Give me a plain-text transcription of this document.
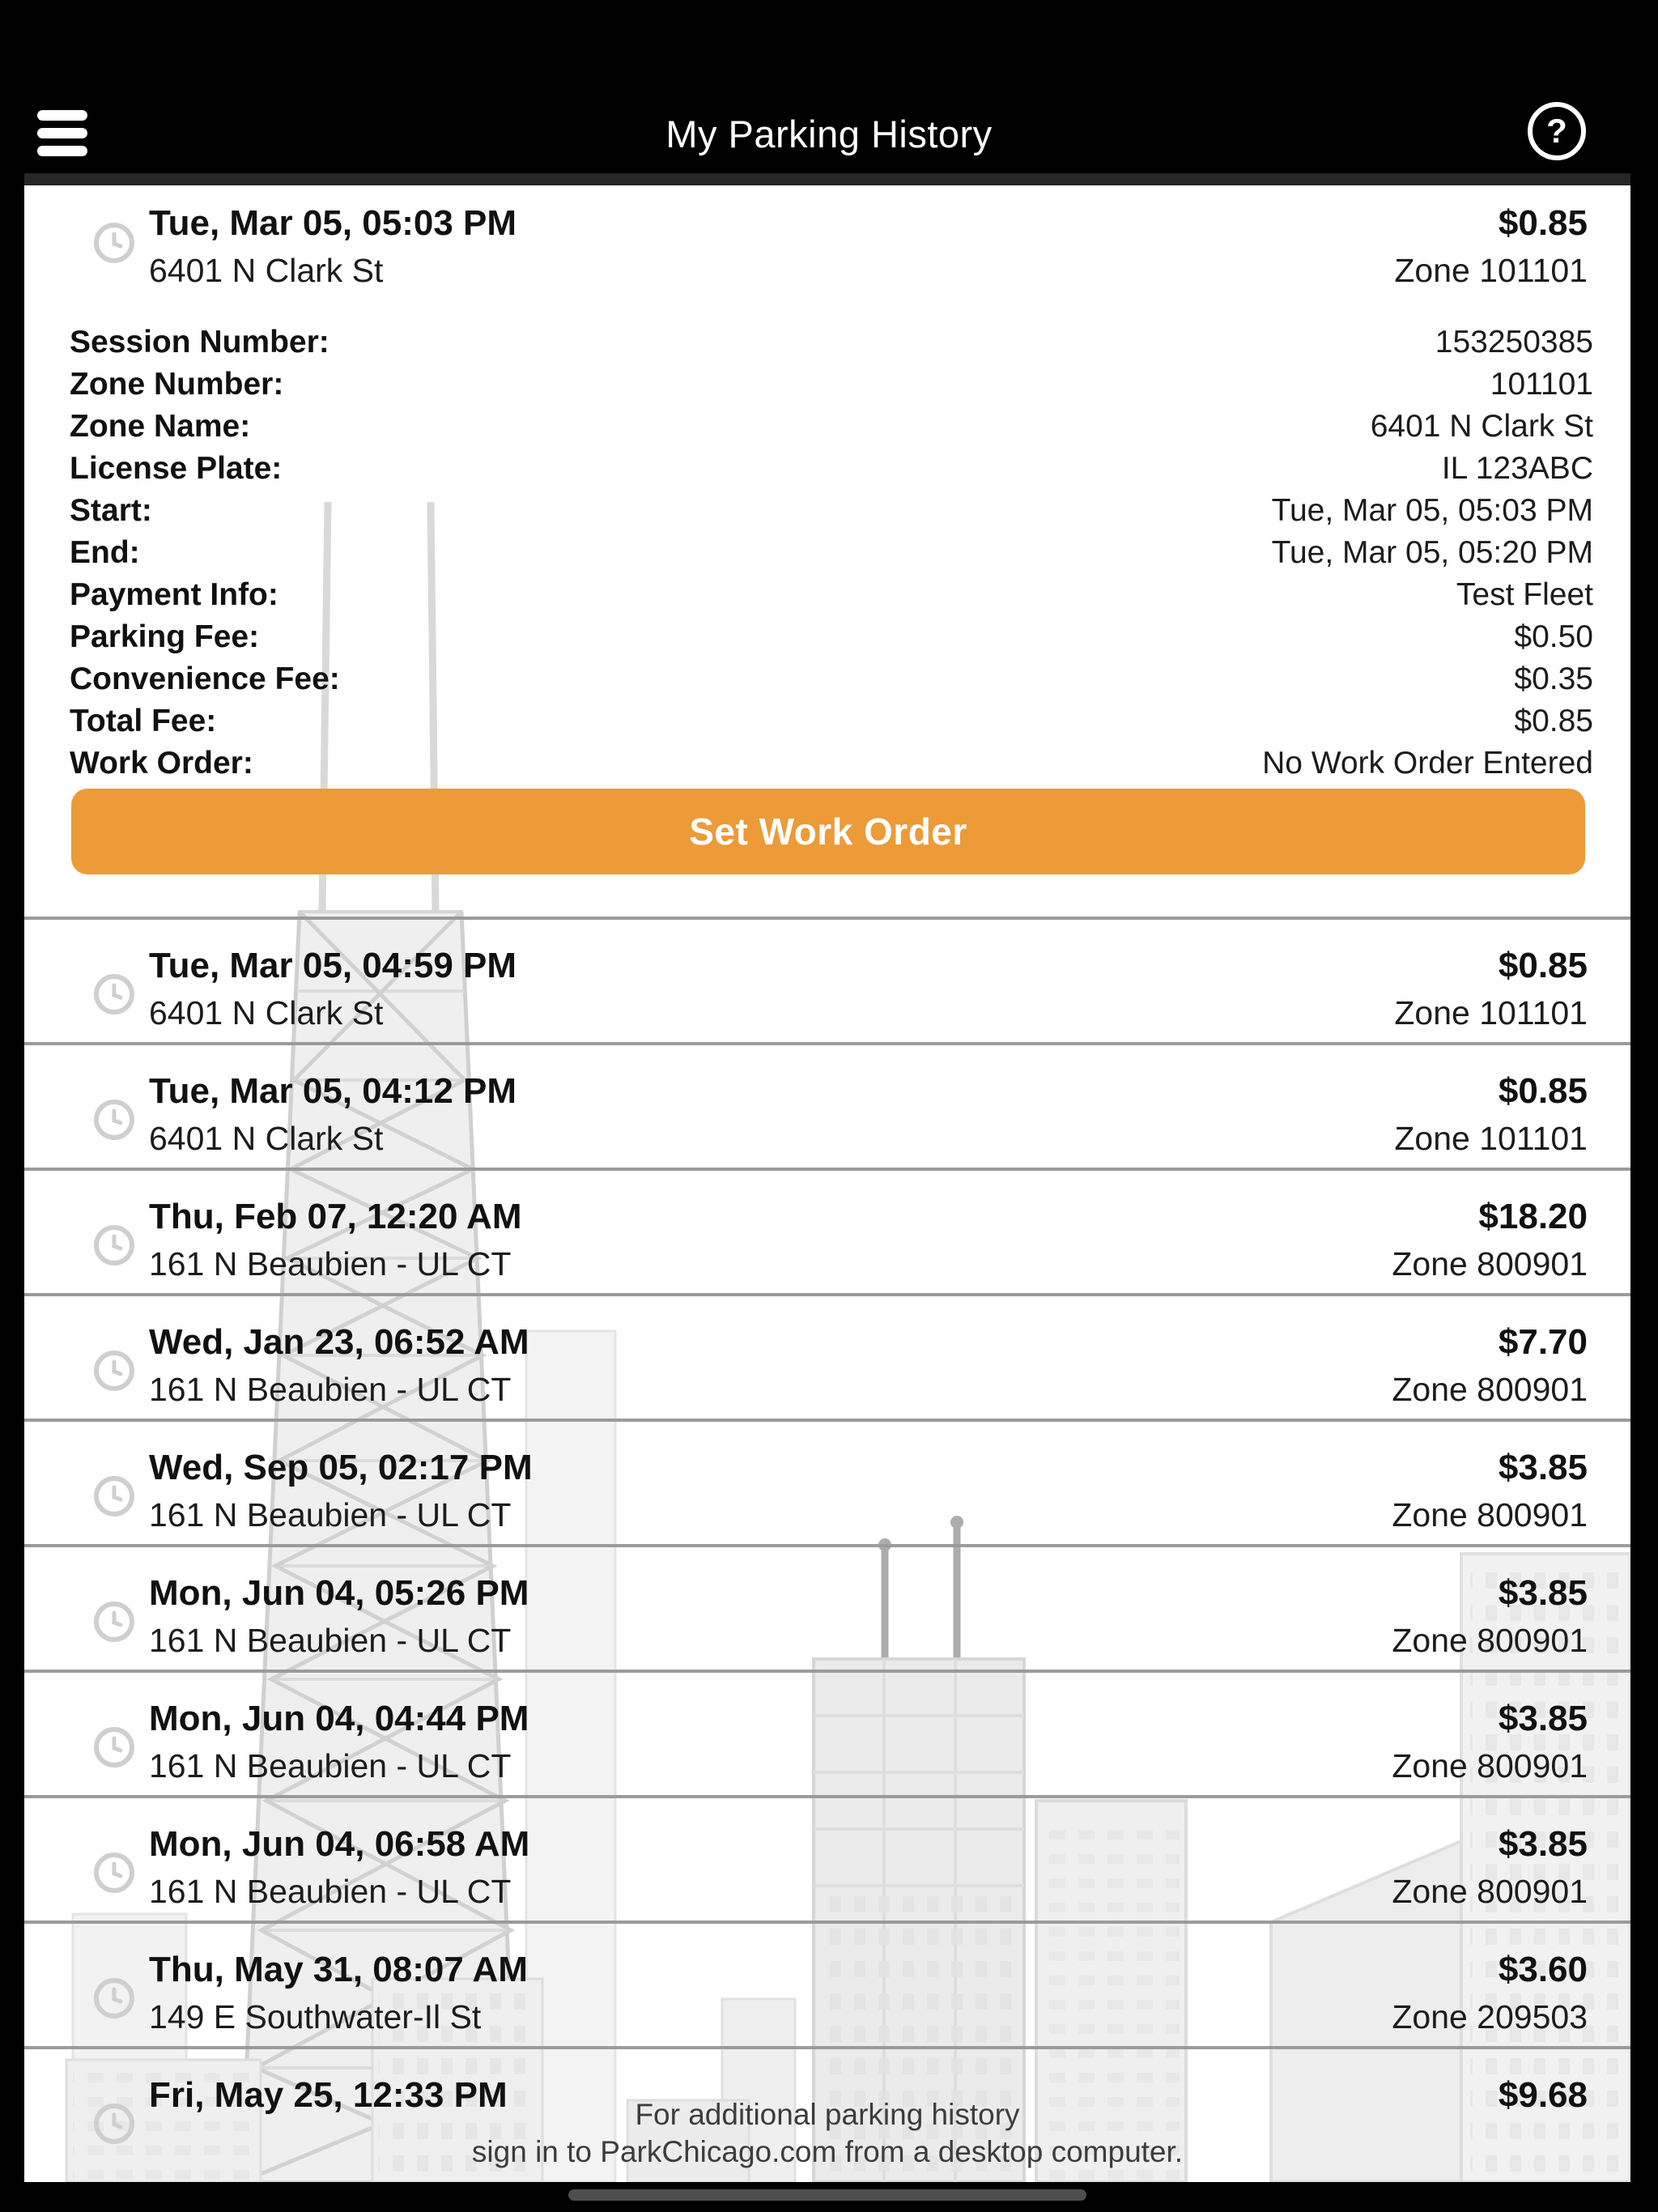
My Parking History	?
Tue, Mar 05, 05:03 PM
6401 N Clark St
$0.85
Zone 101101
Session Number:	153250385
Zone Number:	101101
Zone Name:	6401 N Clark St
License Plate:	IL 123ABC
Start:	Tue, Mar 05, 05:03 PM
End:	Tue, Mar 05, 05:20 PM
Payment Info:	Test Fleet
Parking Fee:	$0.50
Convenience Fee:	$0.35
Total Fee:	$0.85
Work Order:	No Work Order Entered
Set Work Order
Tue, Mar 05, 04:59 PM
6401 N Clark St
$0.85
Zone 101101
Tue, Mar 05, 04:12 PM
6401 N Clark St
$0.85
Zone 101101
Thu, Feb 07, 12:20 AM
161 N Beaubien - UL CT
$18.20
Zone 800901
Wed, Jan 23, 06:52 AM
161 N Beaubien - UL CT
$7.70
Zone 800901
Wed, Sep 05, 02:17 PM
161 N Beaubien - UL CT
$3.85
Zone 800901
Mon, Jun 04, 05:26 PM
161 N Beaubien - UL CT
$3.85
Zone 800901
Mon, Jun 04, 04:44 PM
161 N Beaubien - UL CT
$3.85
Zone 800901
Mon, Jun 04, 06:58 AM
161 N Beaubien - UL CT
$3.85
Zone 800901
Thu, May 31, 08:07 AM
149 E Southwater-Il St
$3.60
Zone 209503
Fri, May 25, 12:33 PM	$9.68
For additional parking history
sign in to ParkChicago.com from a desktop computer.
